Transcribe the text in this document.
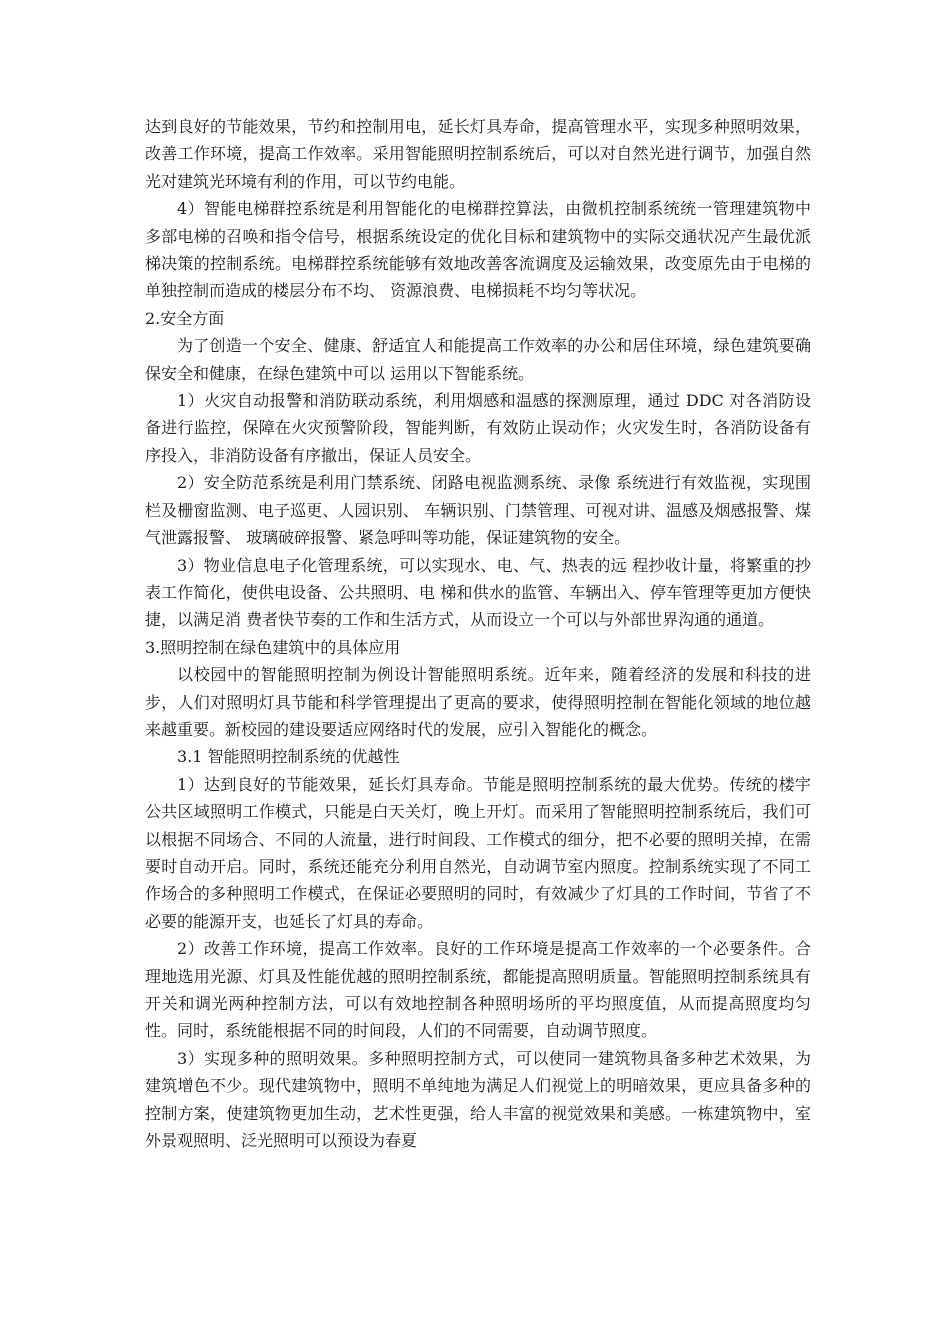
达到良好的节能效果，节约和控制用电，延长灯具寿命，提高管理水平，实现多种照明效果，改善工作环境，提高工作效率。采用智能照明控制系统后，可以对自然光进行调节，加强自然光对建筑光环境有利的作用，可以节约电能。

4）智能电梯群控系统是利用智能化的电梯群控算法，由微机控制系统统一管理建筑物中多部电梯的召唤和指令信号，根据系统设定的优化目标和建筑物中的实际交通状况产生最优派梯决策的控制系统。电梯群控系统能够有效地改善客流调度及运输效果，改变原先由于电梯的单独控制而造成的楼层分布不均、 资源浪费、电梯损耗不均匀等状况。

2.安全方面

为了创造一个安全、健康、舒适宜人和能提高工作效率的办公和居住环境，绿色建筑要确保安全和健康，在绿色建筑中可以 运用以下智能系统。

1）火灾自动报警和消防联动系统，利用烟感和温感的探测原理，通过 DDC 对各消防设备进行监控，保障在火灾预警阶段，智能判断，有效防止误动作；火灾发生时，各消防设备有序投入，非消防设备有序撤出，保证人员安全。

2）安全防范系统是利用门禁系统、闭路电视监测系统、录像 系统进行有效监视，实现围栏及栅窗监测、电子巡更、人园识别、 车辆识别、门禁管理、可视对讲、温感及烟感报警、煤气泄露报警、 玻璃破碎报警、紧急呼叫等功能，保证建筑物的安全。

3）物业信息电子化管理系统，可以实现水、电、气、热表的远 程抄收计量，将繁重的抄表工作简化，使供电设备、公共照明、电 梯和供水的监管、车辆出入、停车管理等更加方便快捷，以满足消 费者快节奏的工作和生活方式，从而设立一个可以与外部世界沟通的通道。

3.照明控制在绿色建筑中的具体应用

以校园中的智能照明控制为例设计智能照明系统。近年来，随着经济的发展和科技的进步，人们对照明灯具节能和科学管理提出了更高的要求，使得照明控制在智能化领域的地位越来越重要。新校园的建设要适应网络时代的发展，应引入智能化的概念。

3.1 智能照明控制系统的优越性

1）达到良好的节能效果，延长灯具寿命。节能是照明控制系统的最大优势。传统的楼宇公共区域照明工作模式，只能是白天关灯，晚上开灯。而采用了智能照明控制系统后，我们可以根据不同场合、不同的人流量，进行时间段、工作模式的细分，把不必要的照明关掉，在需要时自动开启。同时，系统还能充分利用自然光，自动调节室内照度。控制系统实现了不同工作场合的多种照明工作模式，在保证必要照明的同时，有效减少了灯具的工作时间，节省了不必要的能源开支，也延长了灯具的寿命。

2）改善工作环境，提高工作效率。良好的工作环境是提高工作效率的一个必要条件。合理地选用光源、灯具及性能优越的照明控制系统，都能提高照明质量。智能照明控制系统具有开关和调光两种控制方法，可以有效地控制各种照明场所的平均照度值，从而提高照度均匀性。同时，系统能根据不同的时间段，人们的不同需要，自动调节照度。

3）实现多种的照明效果。多种照明控制方式，可以使同一建筑物具备多种艺术效果，为建筑增色不少。现代建筑物中，照明不单纯地为满足人们视觉上的明暗效果，更应具备多种的控制方案，使建筑物更加生动，艺术性更强，给人丰富的视觉效果和美感。一栋建筑物中，室外景观照明、泛光照明可以预设为春夏
